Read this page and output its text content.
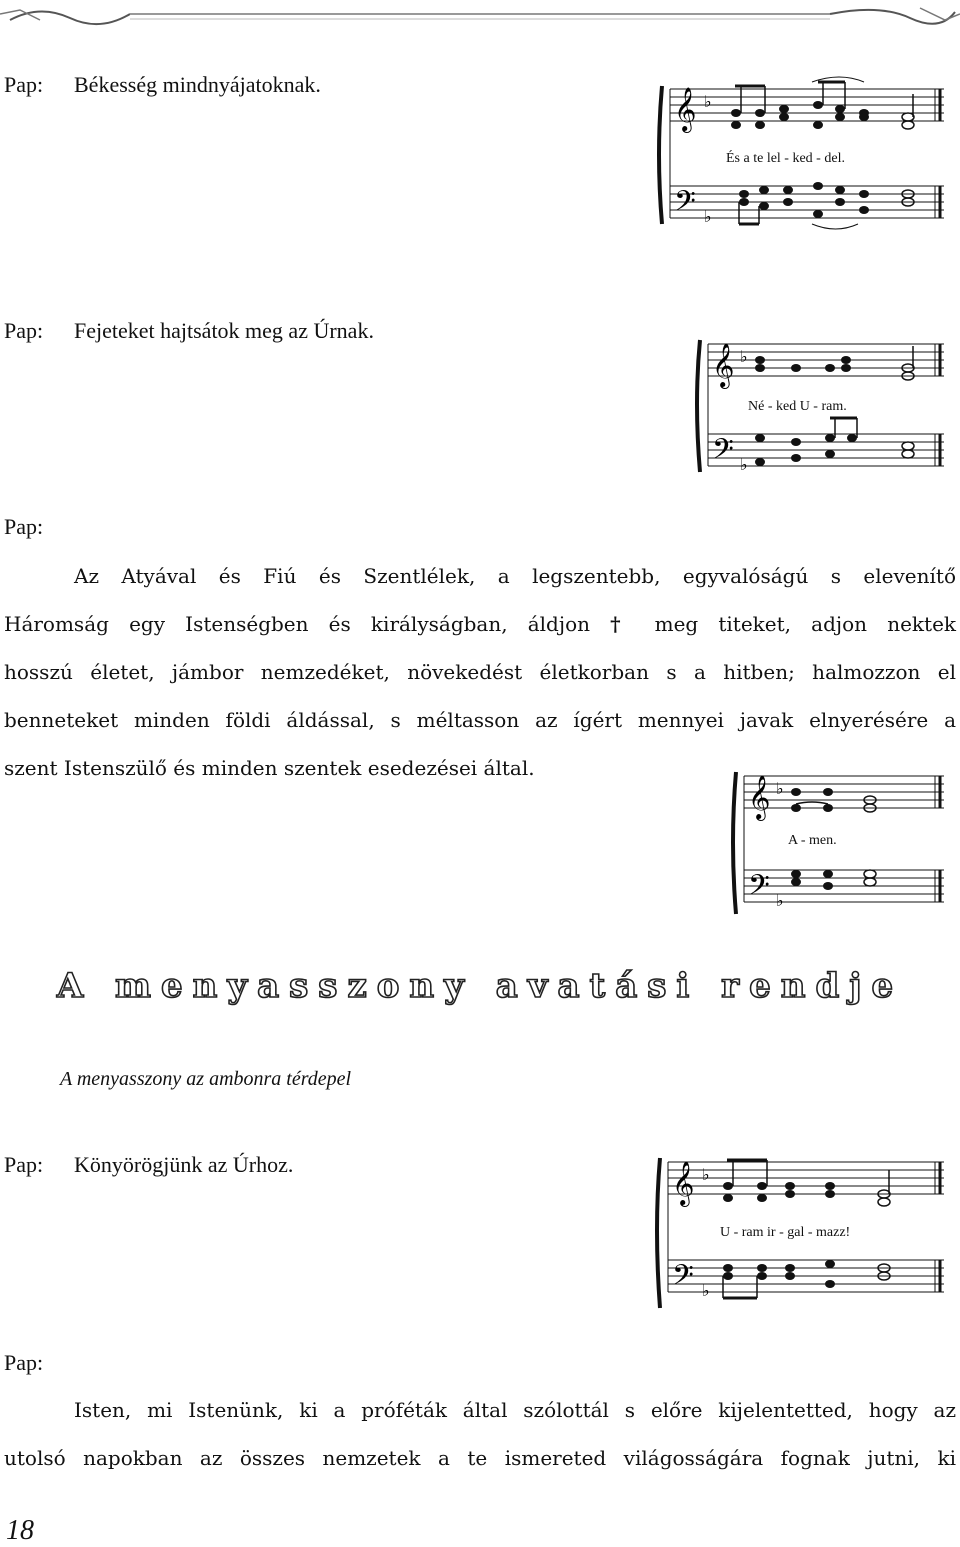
Pap: Békesség mindnyájatoknak.
𝄞 ♭
𝄢 ♭
És a te lel - ked - del.
Pap: Fejeteket hajtsátok meg az Úrnak.
𝄞 ♭
𝄢 ♭
Né - ked U - ram.
Pap:
Az Atyával és Fiú és Szentlélek, a legszentebb, egyvalóságú s elevenítő
Háromság egy Istenségben és királyságban, áldjon † meg titeket, adjon nektek
hosszú életet, jámbor nemzedéket, növekedést életkorban s a hitben; halmozzon el
benneteket minden földi áldással, s méltasson az ígért mennyei javak elnyerésére a
szent Istenszülő és minden szentek esedezései által.
𝄞 ♭
𝄢 ♭
A - men.
A menyasszony avatási rendje
A menyasszony az ambonra térdepel
Pap: Könyörögjünk az Úrhoz.	𝄞 ♭
𝄢 ♭
U - ram ir - gal - mazz!
Pap:
Isten, mi Istenünk, ki a próféták által szólottál s előre kijelentetted, hogy az
utolsó napokban az összes nemzetek a te ismereted világosságára fognak jutni, ki
18
